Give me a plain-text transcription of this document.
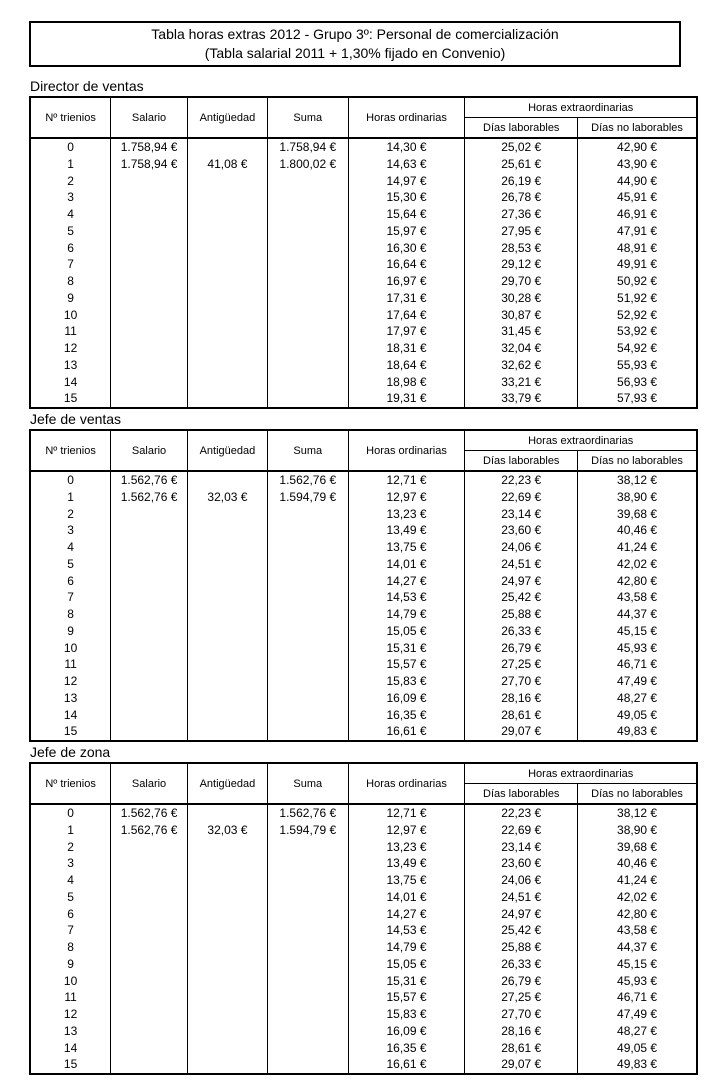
Tabla horas extras 2012 - Grupo 3º: Personal de comercialización
(Tabla salarial 2011 + 1,30% fijado en Convenio)
Director de ventas
Nº trienios	Salario	Antigüedad	Suma	Horas ordinarias	Horas extraordinarias	
					Días laborables	Días no laborables
0	1.758,94 €		1.758,94 €	14,30 €	25,02 €	42,90 €
1	1.758,94 €	41,08 €	1.800,02 €	14,63 €	25,61 €	43,90 €
2				14,97 €	26,19 €	44,90 €
3				15,30 €	26,78 €	45,91 €
4				15,64 €	27,36 €	46,91 €
5				15,97 €	27,95 €	47,91 €
6				16,30 €	28,53 €	48,91 €
7				16,64 €	29,12 €	49,91 €
8				16,97 €	29,70 €	50,92 €
9				17,31 €	30,28 €	51,92 €
10				17,64 €	30,87 €	52,92 €
11				17,97 €	31,45 €	53,92 €
12				18,31 €	32,04 €	54,92 €
13				18,64 €	32,62 €	55,93 €
14				18,98 €	33,21 €	56,93 €
15				19,31 €	33,79 €	57,93 €
Jefe de ventas
Nº trienios	Salario	Antigüedad	Suma	Horas ordinarias	Horas extraordinarias	
					Días laborables	Días no laborables
0	1.562,76 €		1.562,76 €	12,71 €	22,23 €	38,12 €
1	1.562,76 €	32,03 €	1.594,79 €	12,97 €	22,69 €	38,90 €
2				13,23 €	23,14 €	39,68 €
3				13,49 €	23,60 €	40,46 €
4				13,75 €	24,06 €	41,24 €
5				14,01 €	24,51 €	42,02 €
6				14,27 €	24,97 €	42,80 €
7				14,53 €	25,42 €	43,58 €
8				14,79 €	25,88 €	44,37 €
9				15,05 €	26,33 €	45,15 €
10				15,31 €	26,79 €	45,93 €
11				15,57 €	27,25 €	46,71 €
12				15,83 €	27,70 €	47,49 €
13				16,09 €	28,16 €	48,27 €
14				16,35 €	28,61 €	49,05 €
15				16,61 €	29,07 €	49,83 €
Jefe de zona
Nº trienios	Salario	Antigüedad	Suma	Horas ordinarias	Horas extraordinarias	
					Días laborables	Días no laborables
0	1.562,76 €		1.562,76 €	12,71 €	22,23 €	38,12 €
1	1.562,76 €	32,03 €	1.594,79 €	12,97 €	22,69 €	38,90 €
2				13,23 €	23,14 €	39,68 €
3				13,49 €	23,60 €	40,46 €
4				13,75 €	24,06 €	41,24 €
5				14,01 €	24,51 €	42,02 €
6				14,27 €	24,97 €	42,80 €
7				14,53 €	25,42 €	43,58 €
8				14,79 €	25,88 €	44,37 €
9				15,05 €	26,33 €	45,15 €
10				15,31 €	26,79 €	45,93 €
11				15,57 €	27,25 €	46,71 €
12				15,83 €	27,70 €	47,49 €
13				16,09 €	28,16 €	48,27 €
14				16,35 €	28,61 €	49,05 €
15				16,61 €	29,07 €	49,83 €
